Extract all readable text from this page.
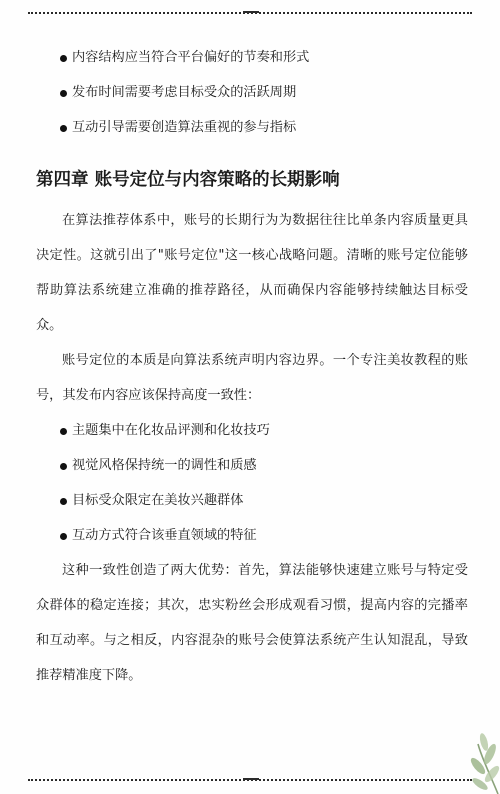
内容结构应当符合平台偏好的节奏和形式
发布时间需要考虑目标受众的活跃周期
互动引导需要创造算法重视的参与指标
第四章 账号定位与内容策略的长期影响

在算法推荐体系中，账号的长期行为为数据往往比单条内容质量更具决定性。这就引出了"账号定位"这一核心战略问题。清晰的账号定位能够帮助算法系统建立准确的推荐路径，从而确保内容能够持续触达目标受众。

账号定位的本质是向算法系统声明内容边界。一个专注美妆教程的账号，其发布内容应该保持高度一致性：

主题集中在化妆品评测和化妆技巧
视觉风格保持统一的调性和质感
目标受众限定在美妆兴趣群体
互动方式符合该垂直领域的特征

这种一致性创造了两大优势：首先，算法能够快速建立账号与特定受众群体的稳定连接；其次，忠实粉丝会形成观看习惯，提高内容的完播率和互动率。与之相反，内容混杂的账号会使算法系统产生认知混乱，导致推荐精准度下降。
